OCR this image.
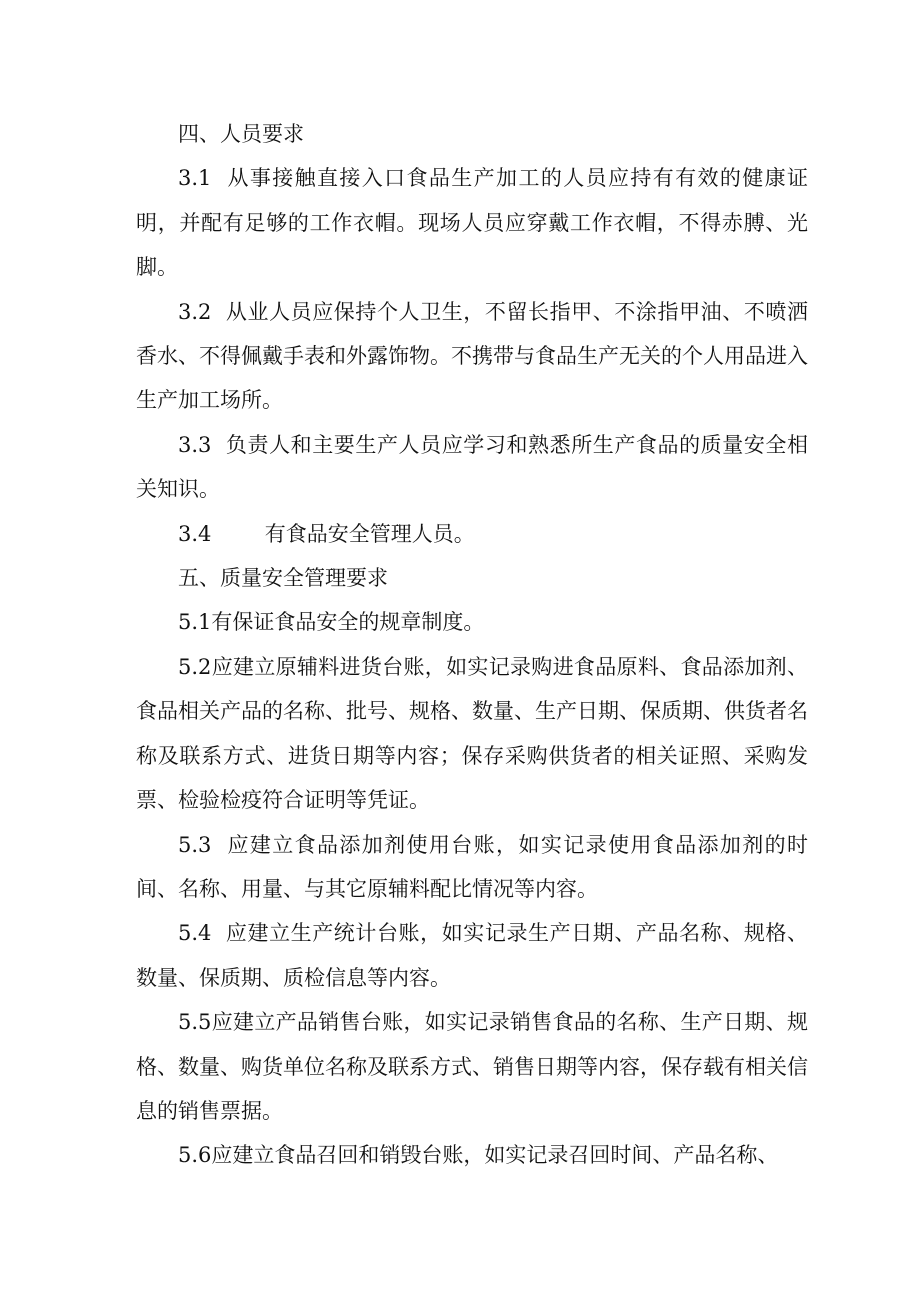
四、人员要求

3.1  从事接触直接入口食品生产加工的人员应持有有效的健康证明，并配有足够的工作衣帽。现场人员应穿戴工作衣帽，不得赤膊、光脚。

3.2  从业人员应保持个人卫生，不留长指甲、不涂指甲油、不喷洒香水、不得佩戴手表和外露饰物。不携带与食品生产无关的个人用品进入生产加工场所。

3.3  负责人和主要生产人员应学习和熟悉所生产食品的质量安全相关知识。

3.4        有食品安全管理人员。

五、质量安全管理要求

5.1有保证食品安全的规章制度。

5.2应建立原辅料进货台账，如实记录购进食品原料、食品添加剂、食品相关产品的名称、批号、规格、数量、生产日期、保质期、供货者名称及联系方式、进货日期等内容；保存采购供货者的相关证照、采购发票、检验检疫符合证明等凭证。

5.3  应建立食品添加剂使用台账，如实记录使用食品添加剂的时间、名称、用量、与其它原辅料配比情况等内容。

5.4  应建立生产统计台账，如实记录生产日期、产品名称、规格、数量、保质期、质检信息等内容。

5.5应建立产品销售台账，如实记录销售食品的名称、生产日期、规格、数量、购货单位名称及联系方式、销售日期等内容，保存载有相关信息的销售票据。

5.6应建立食品召回和销毁台账，如实记录召回时间、产品名称、
